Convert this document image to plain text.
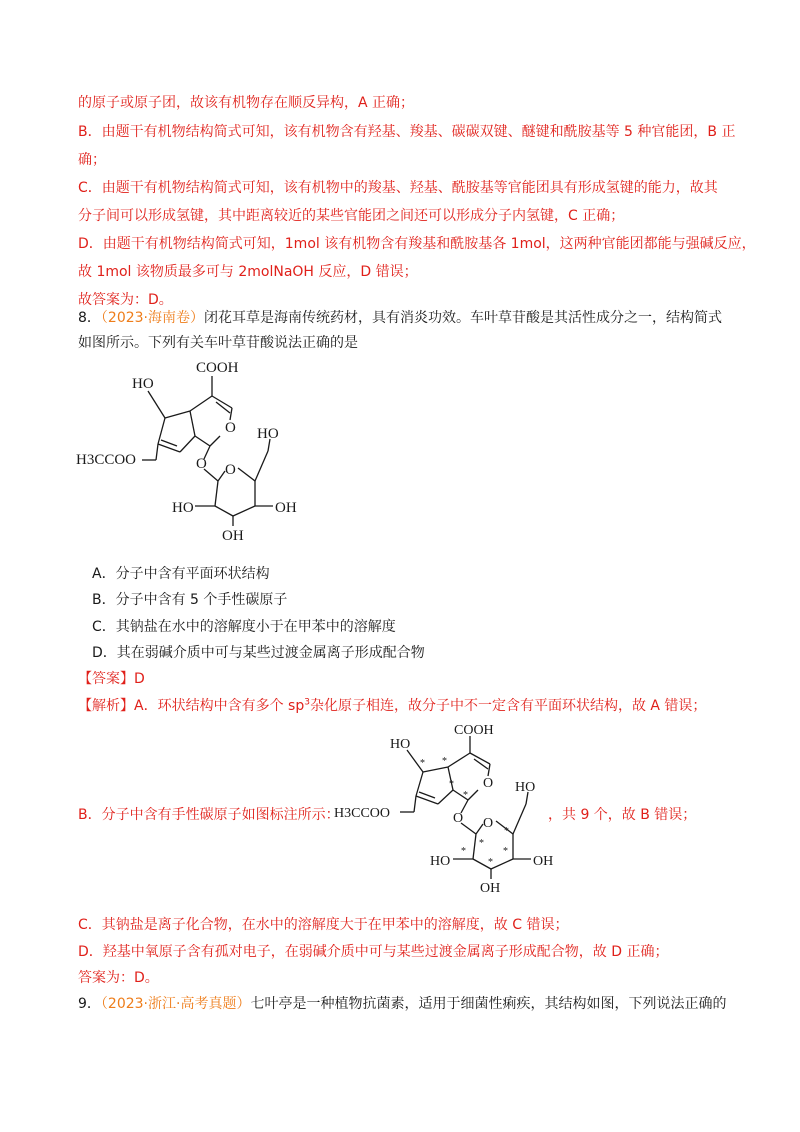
的原子或原子团，故该有机物存在顺反异构，A 正确；
B．由题干有机物结构简式可知，该有机物含有羟基、羧基、碳碳双键、醚键和酰胺基等 5 种官能团，B 正
确；
C．由题干有机物结构简式可知，该有机物中的羧基、羟基、酰胺基等官能团具有形成氢键的能力，故其
分子间可以形成氢键，其中距离较近的某些官能团之间还可以形成分子内氢键，C 正确；
D．由题干有机物结构简式可知，1mol 该有机物含有羧基和酰胺基各 1mol，这两种官能团都能与强碱反应，
故 1mol 该物质最多可与 2molNaOH 反应，D 错误；
故答案为：D。
8．（2023·海南卷）闭花耳草是海南传统药材，具有消炎功效。车叶草苷酸是其活性成分之一，结构简式
如图所示。下列有关车叶草苷酸说法正确的是
COOH
HO
O HO
H3CCOO	O O
HO	OH
OH
A．分子中含有平面环状结构
B．分子中含有 5 个手性碳原子
C．其钠盐在水中的溶解度小于在甲苯中的溶解度
D．其在弱碱介质中可与某些过渡金属离子形成配合物
【答案】D
【解析】A．环状结构中含有多个 $sp^3$杂化原子相连，故分子中不一定含有平面环状结构，故 A 错误；
COOH
HO
O HO
H3CCOO	O O
HO	OH
OH
* *
*
*
*
*
*
*
*
B．分子中含有手性碳原子如图标注所示：	，共 9 个，故 B 错误；
C．其钠盐是离子化合物，在水中的溶解度大于在甲苯中的溶解度，故 C 错误；
D．羟基中氧原子含有孤对电子，在弱碱介质中可与某些过渡金属离子形成配合物，故 D 正确；
答案为：D。
9．（2023·浙江·高考真题）七叶亭是一种植物抗菌素，适用于细菌性痢疾，其结构如图，下列说法正确的
